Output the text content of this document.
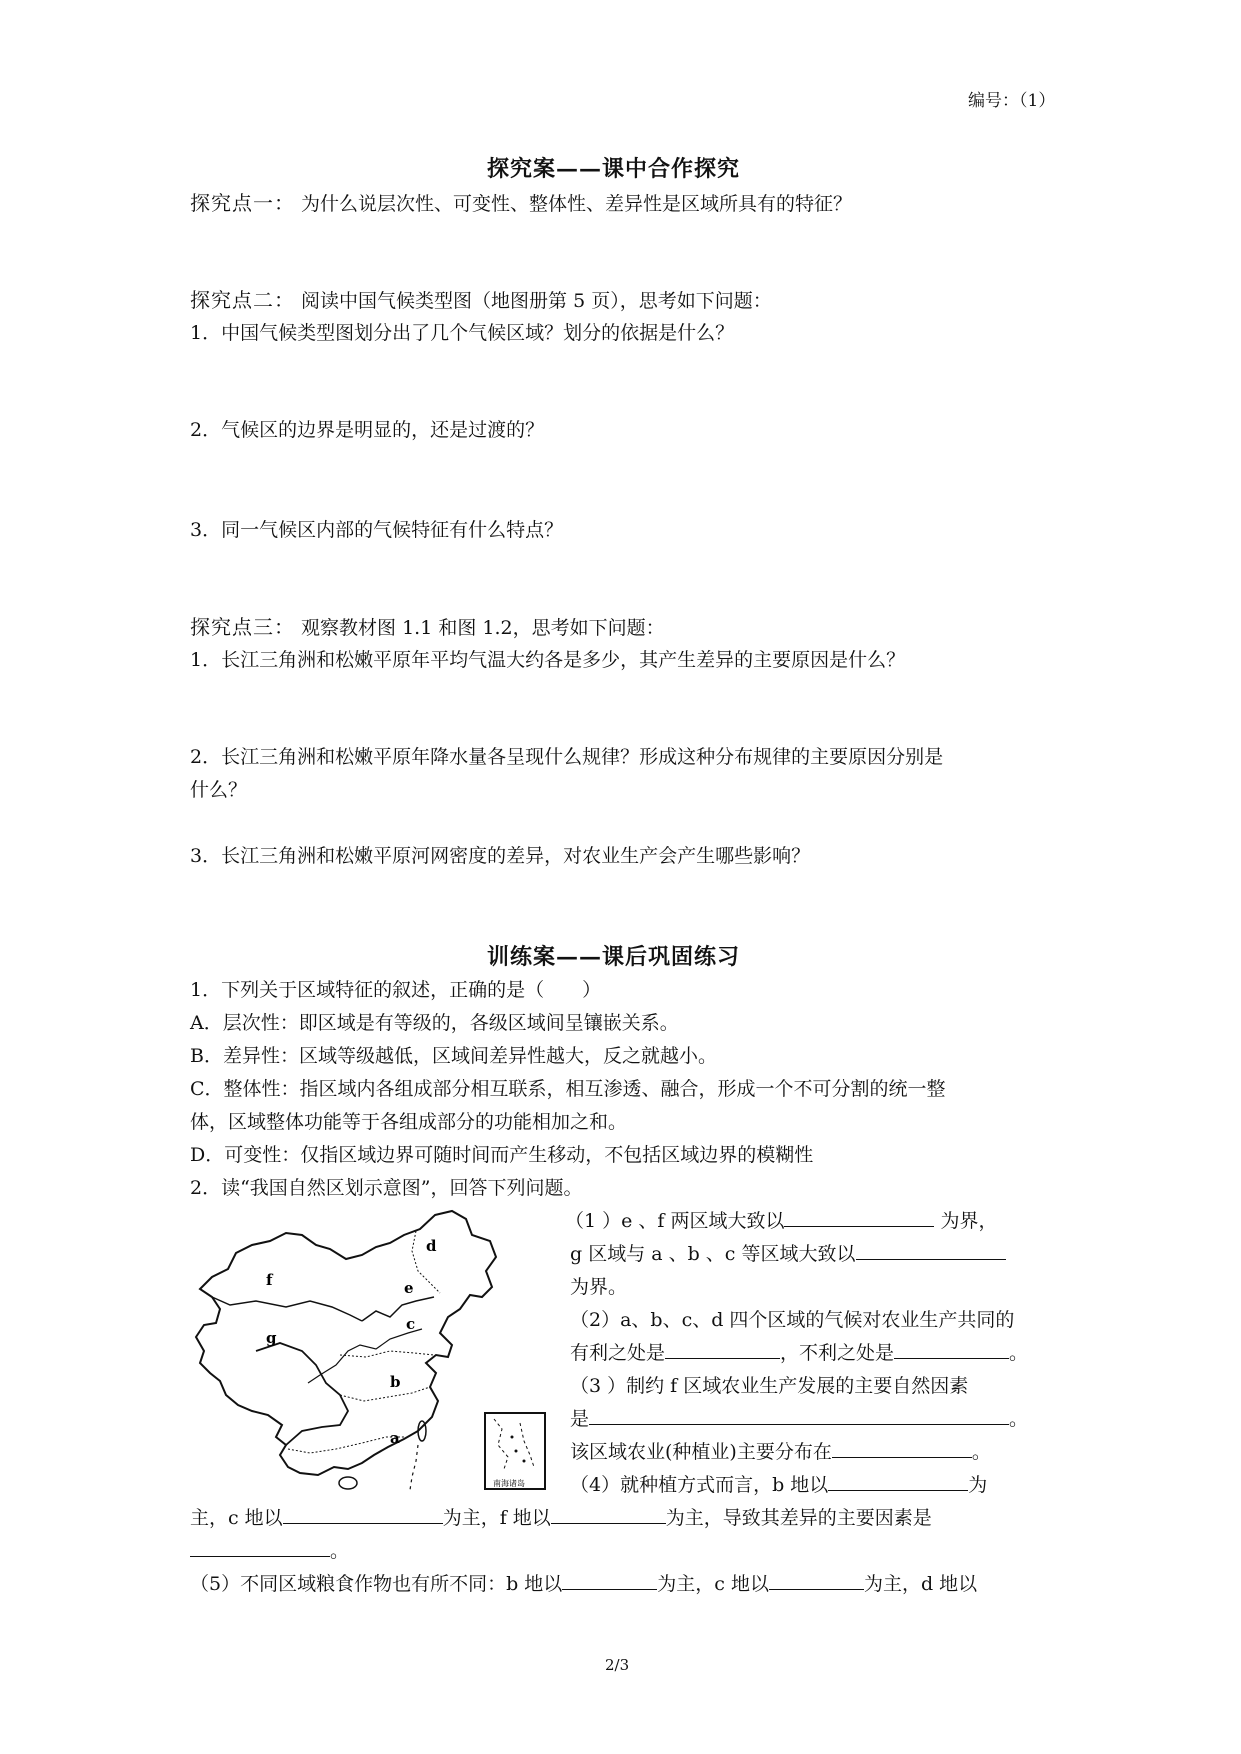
编号：（1）
探究案——课中合作探究
探究点一： 为什么说层次性、可变性、整体性、差异性是区域所具有的特征？
探究点二： 阅读中国气候类型图（地图册第 5 页），思考如下问题：
1．中国气候类型图划分出了几个气候区域？划分的依据是什么？
2．气候区的边界是明显的，还是过渡的？
3．同一气候区内部的气候特征有什么特点？
探究点三： 观察教材图 1.1 和图 1.2，思考如下问题：
1．长江三角洲和松嫩平原年平均气温大约各是多少，其产生差异的主要原因是什么？
2．长江三角洲和松嫩平原年降水量各呈现什么规律？形成这种分布规律的主要原因分别是
什么？
3．长江三角洲和松嫩平原河网密度的差异，对农业生产会产生哪些影响？
训练案——课后巩固练习
1．下列关于区域特征的叙述，正确的是（　　）
A．层次性：即区域是有等级的，各级区域间呈镶嵌关系。
B．差异性：区域等级越低，区域间差异性越大，反之就越小。
C．整体性：指区域内各组成部分相互联系，相互渗透、融合，形成一个不可分割的统一整
体，区域整体功能等于各组成部分的功能相加之和。
D．可变性：仅指区域边界可随时间而产生移动，不包括区域边界的模糊性
2．读“我国自然区划示意图”，回答下列问题。
（1 ）e 、f 两区域大致以	为界，
g 区域与 a 、b 、c 等区域大致以
为界。
（2）a、b、c、d 四个区域的气候对农业生产共同的
有利之处是	，不利之处是	。
（3 ）制约 f 区域农业生产发展的主要自然因素
是	。
该区域农业(种植业)主要分布在	。
（4）就种植方式而言，b 地以	为
主，c 地以	为主，f 地以	为主，导致其差异的主要因素是
。
（5）不同区域粮食作物也有所不同：b 地以	为主，c 地以	为主，d 地以
d
e
f
c
g
b
a
南海诸岛
2/3
